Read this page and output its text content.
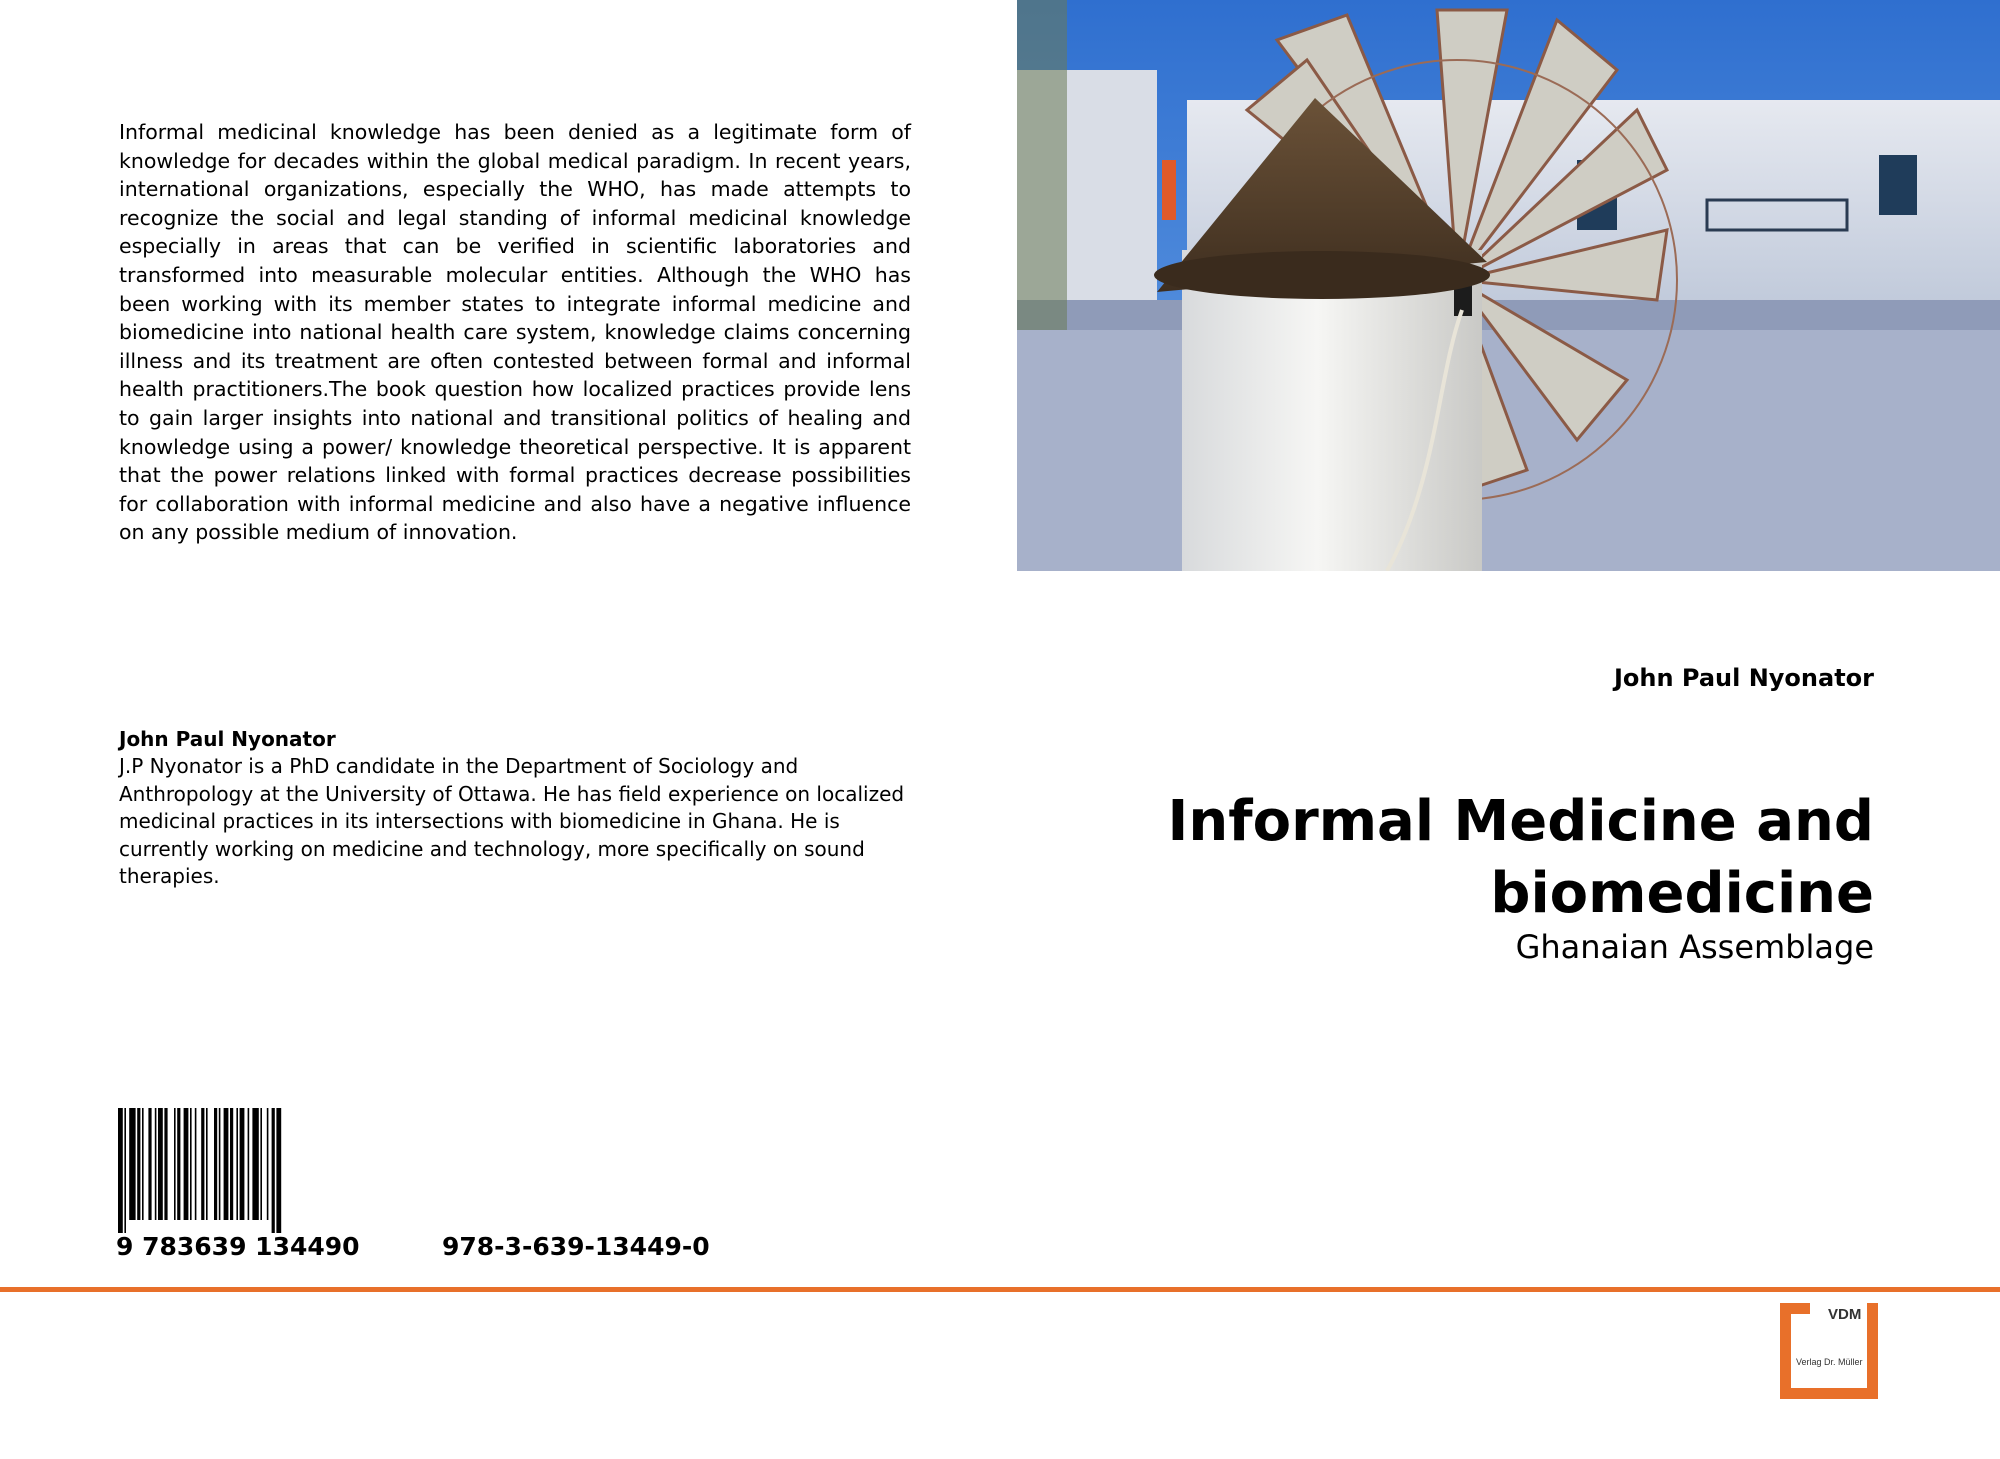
Informal medicinal knowledge has been denied as a legitimate form of knowledge for decades within the global medical paradigm. In recent years, international organizations, especially the WHO, has made attempts to recognize the social and legal standing of informal medicinal knowledge especially in areas that can be verified in scientific laboratories and transformed into measurable molecular entities. Although the WHO has been working with its member states to integrate informal medicine and biomedicine into national health care system, knowledge claims concerning illness and its treatment are often contested between formal and informal health practitioners.The book question how localized practices provide lens to gain larger insights into national and transitional politics of healing and knowledge using a power/ knowledge theoretical perspective. It is apparent that the power relations linked with formal practices decrease possibilities for collaboration with informal medicine and also have a negative influence on any possible medium of innovation.

John Paul Nyonator

J.P Nyonator is a PhD candidate in the Department of Sociology and Anthropology at the University of Ottawa. He has field experience on localized medicinal practices in its intersections with biomedicine in Ghana. He is currently working on medicine and technology, more specifically on sound therapies.

John Paul Nyonator

Informal Medicine and biomedicine

Ghanaian Assemblage

9 783639 134490	978-3-639-13449-0
VDM
Verlag Dr. Müller
